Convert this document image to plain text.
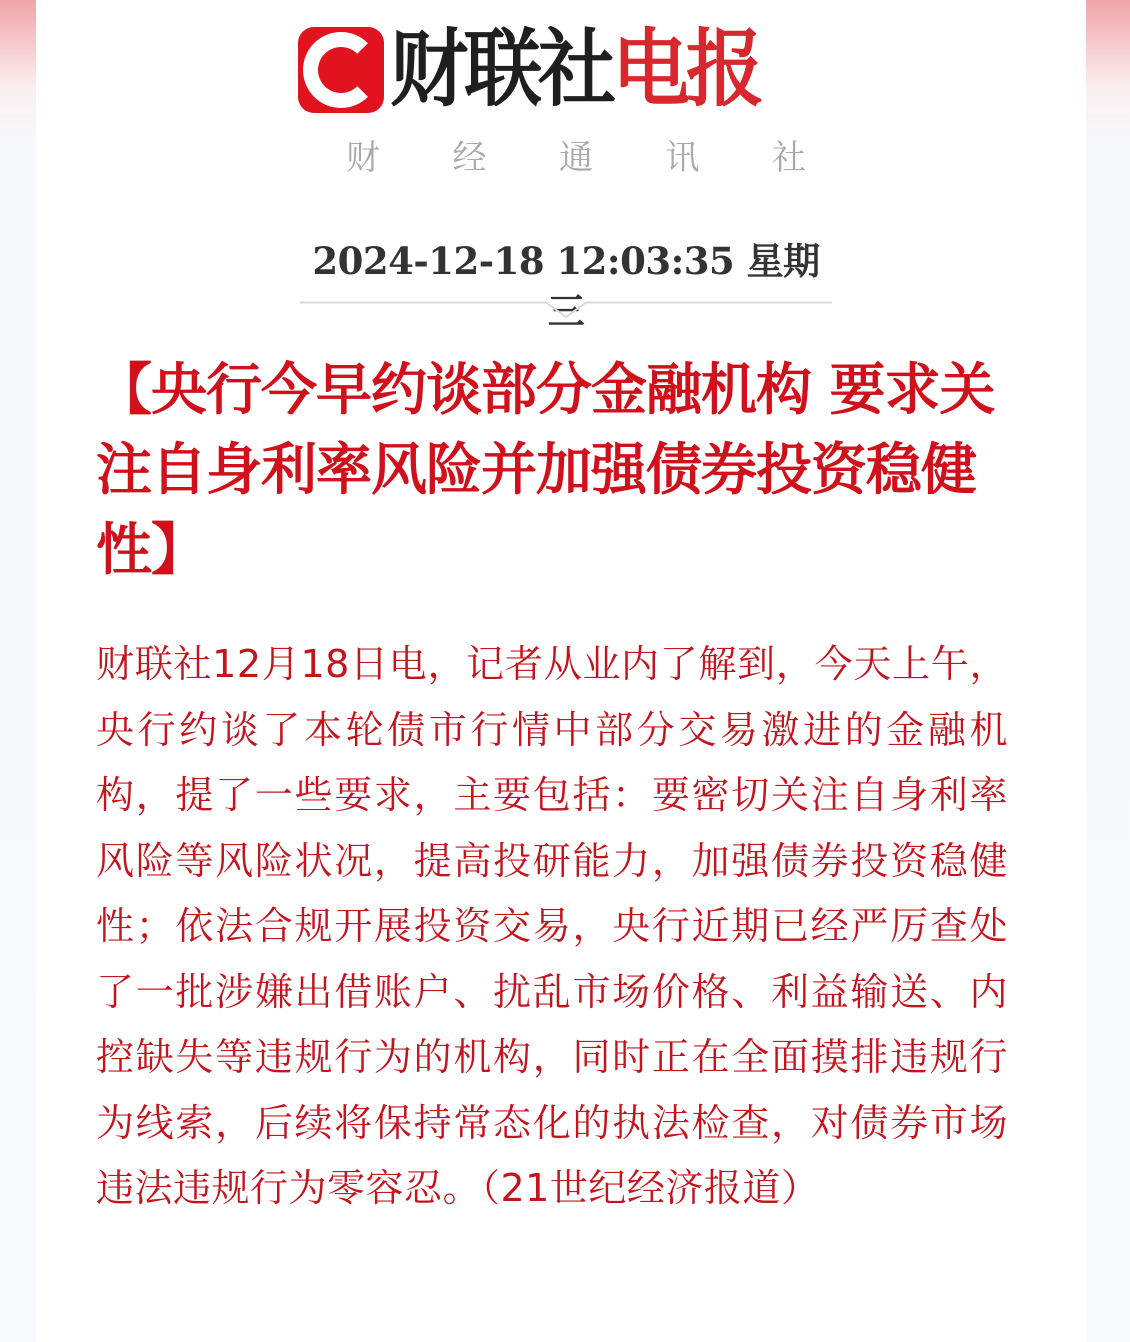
财联社 电报
财 经 通 讯 社
2024-12-18 12:03:35 星期三
【央行今早约谈部分金融机构 要求关注自身利率风险并加强债券投资稳健性】
财联社12月18日电，记者从业内了解到，今天上午，央行约谈了本轮债市行情中部分交易激进的金融机构，提了一些要求，主要包括：要密切关注自身利率风险等风险状况，提高投研能力，加强债券投资稳健性；依法合规开展投资交易，央行近期已经严厉查处了一批涉嫌出借账户、扰乱市场价格、利益输送、内控缺失等违规行为的机构，同时正在全面摸排违规行为线索，后续将保持常态化的执法检查，对债券市场违法违规行为零容忍。（21世纪经济报道）
